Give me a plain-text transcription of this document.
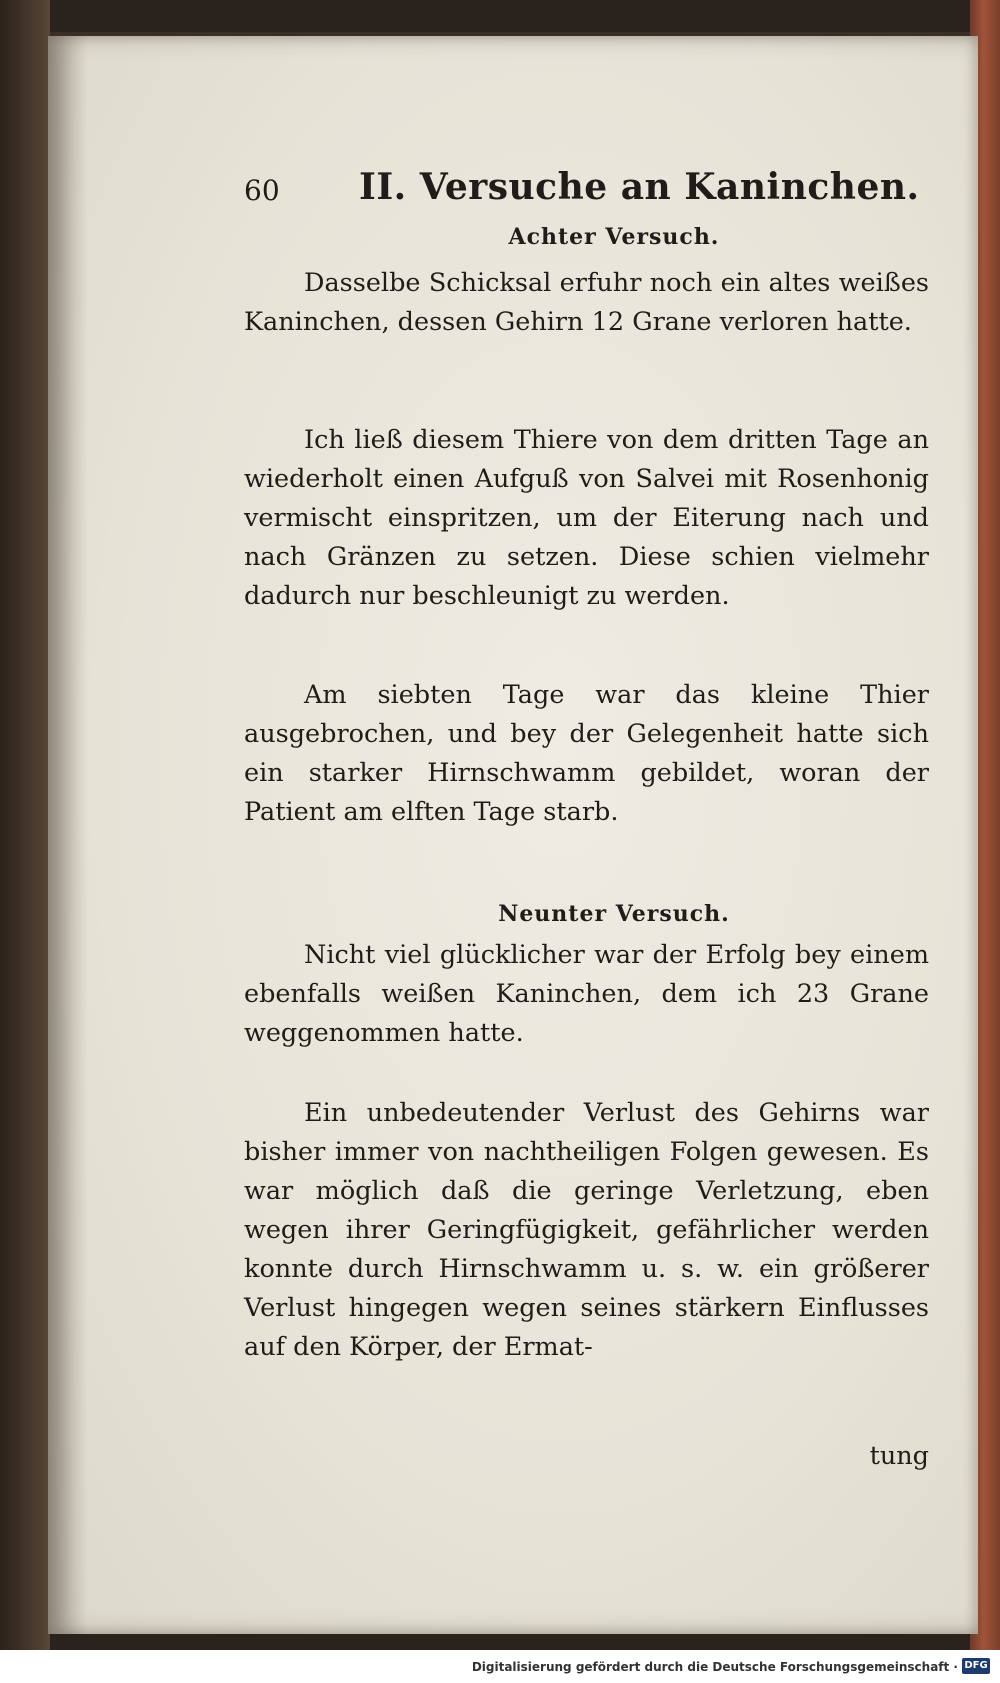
60 II. Versuche an Kaninchen.
Achter Versuch.

Dasselbe Schicksal erfuhr noch ein altes weißes Kaninchen, dessen Gehirn 12 Grane verloren hatte.

Ich ließ diesem Thiere von dem dritten Tage an wiederholt einen Aufguß von Salvei mit Rosenhonig vermischt einspritzen, um der Eiterung nach und nach Gränzen zu setzen. Diese schien vielmehr dadurch nur beschleunigt zu werden.

Am siebten Tage war das kleine Thier ausgebrochen, und bey der Gelegenheit hatte sich ein starker Hirnschwamm gebildet, woran der Patient am elften Tage starb.

Neunter Versuch.

Nicht viel glücklicher war der Erfolg bey einem ebenfalls weißen Kaninchen, dem ich 23 Grane weggenommen hatte.

Ein unbedeutender Verlust des Gehirns war bisher immer von nachtheiligen Folgen gewesen. Es war möglich daß die geringe Verletzung, eben wegen ihrer Geringfügigkeit, gefährlicher werden konnte durch Hirnschwamm u. s. w. ein größerer Verlust hingegen wegen seines stärkern Einflusses auf den Körper, der Ermat-

tung
Digitalisierung gefördert durch die Deutsche Forschungsgemeinschaft · DFG
